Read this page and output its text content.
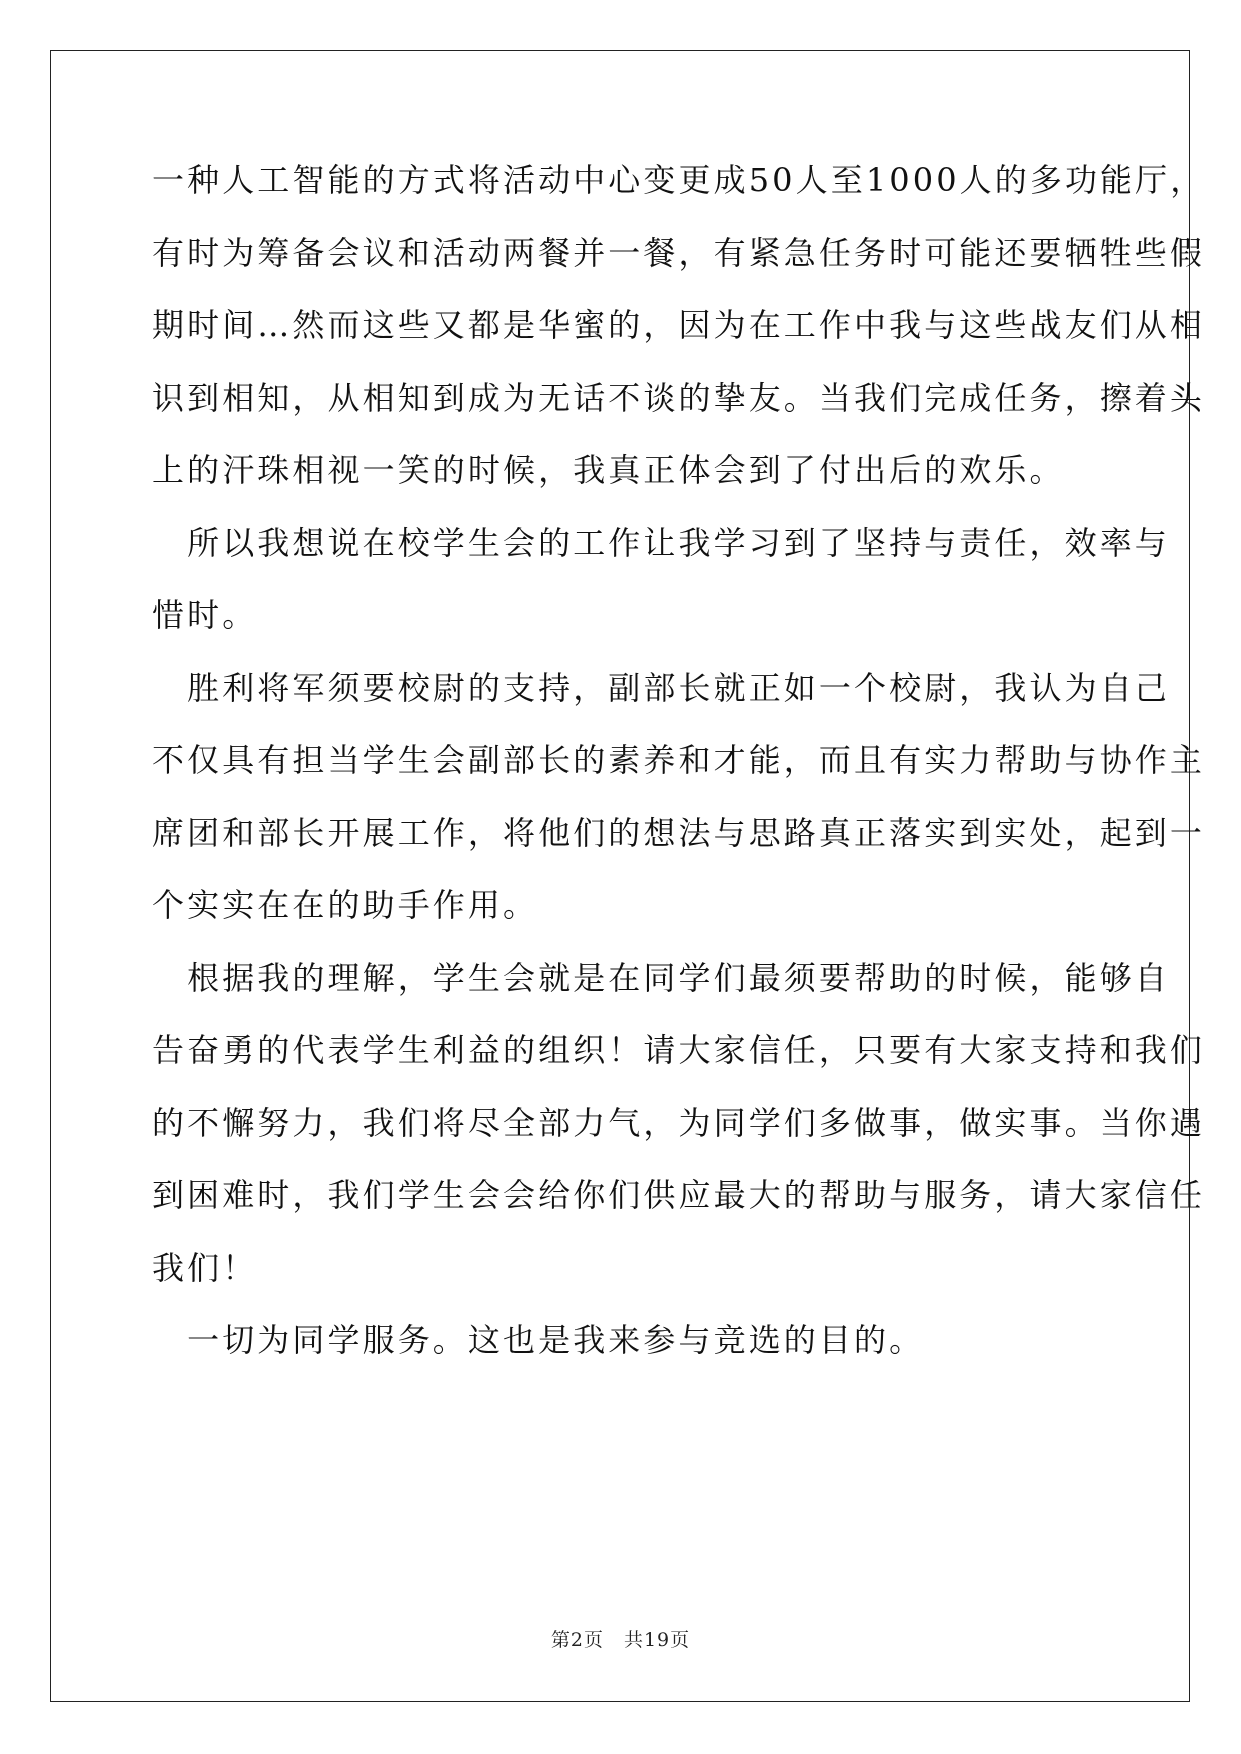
一种人工智能的方式将活动中心变更成50人至1000人的多功能厅，
有时为筹备会议和活动两餐并一餐，有紧急任务时可能还要牺牲些假
期时间…然而这些又都是华蜜的，因为在工作中我与这些战友们从相
识到相知，从相知到成为无话不谈的挚友。当我们完成任务，擦着头
上的汗珠相视一笑的时候，我真正体会到了付出后的欢乐。
　所以我想说在校学生会的工作让我学习到了坚持与责任，效率与
惜时。
　胜利将军须要校尉的支持，副部长就正如一个校尉，我认为自己
不仅具有担当学生会副部长的素养和才能，而且有实力帮助与协作主
席团和部长开展工作，将他们的想法与思路真正落实到实处，起到一
个实实在在的助手作用。
　根据我的理解，学生会就是在同学们最须要帮助的时候，能够自
告奋勇的代表学生利益的组织！请大家信任，只要有大家支持和我们
的不懈努力，我们将尽全部力气，为同学们多做事，做实事。当你遇
到困难时，我们学生会会给你们供应最大的帮助与服务，请大家信任
我们！
　一切为同学服务。这也是我来参与竞选的目的。
第2页 共19页
